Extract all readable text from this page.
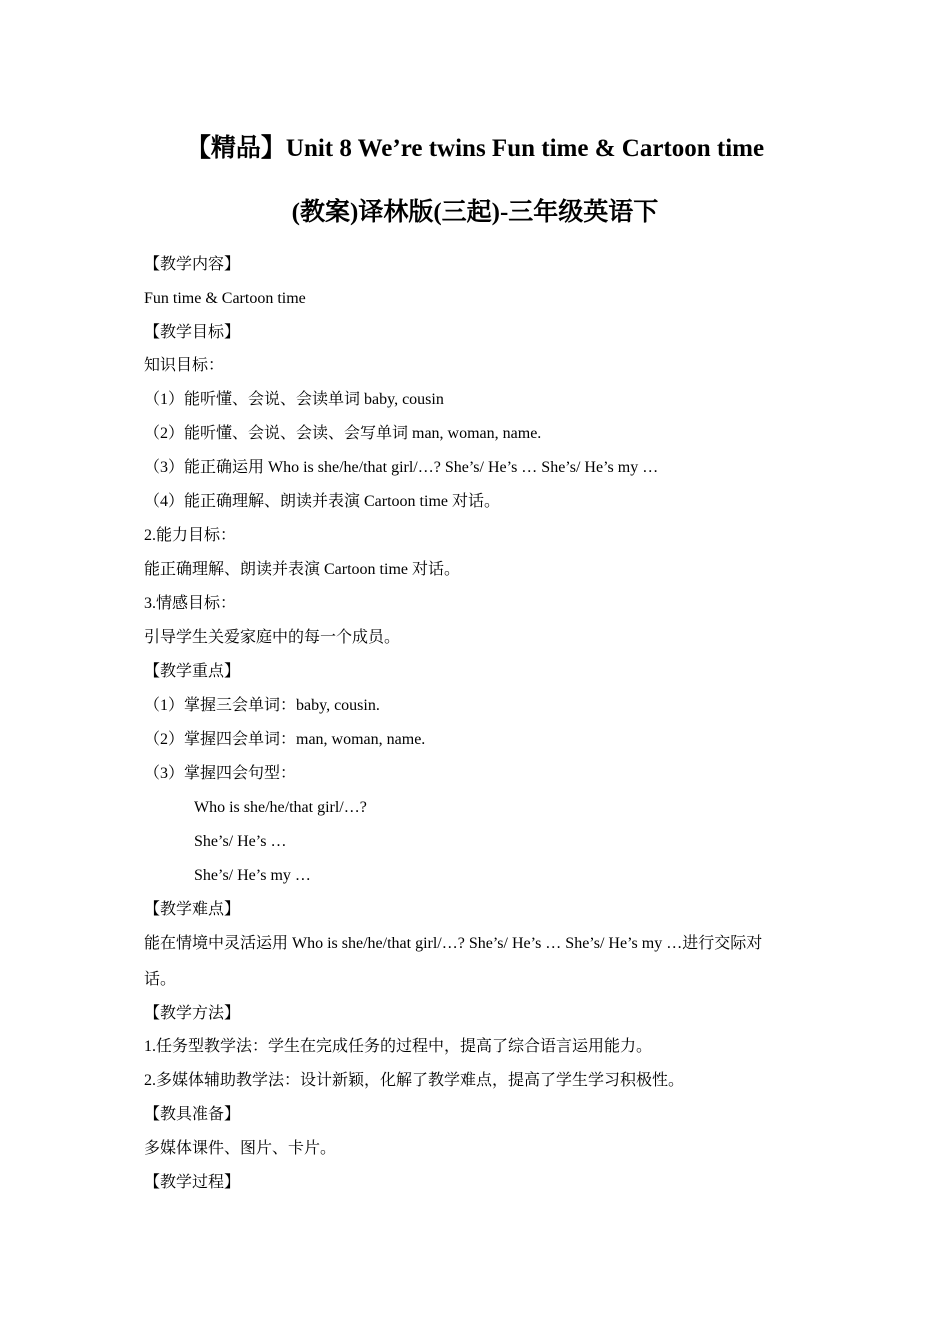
【精品】Unit 8 We’re twins Fun time & Cartoon time
(教案)译林版(三起)-三年级英语下
【教学内容】
Fun time & Cartoon time
【教学目标】
知识目标：
（1）能听懂、会说、会读单词 baby, cousin
（2）能听懂、会说、会读、会写单词 man, woman, name.
（3）能正确运用 Who is she/he/that girl/…? She’s/ He’s … She’s/ He’s my …
（4）能正确理解、朗读并表演 Cartoon time 对话。
2.能力目标：
能正确理解、朗读并表演 Cartoon time 对话。
3.情感目标：
引导学生关爱家庭中的每一个成员。
【教学重点】
（1）掌握三会单词：baby, cousin.
（2）掌握四会单词：man, woman, name.
（3）掌握四会句型：
Who is she/he/that girl/…?
She’s/ He’s …
She’s/ He’s my …
【教学难点】
能在情境中灵活运用 Who is she/he/that girl/…? She’s/ He’s … She’s/ He’s my …进行交际对
话。
【教学方法】
1.任务型教学法：学生在完成任务的过程中，提高了综合语言运用能力。
2.多媒体辅助教学法：设计新颖，化解了教学难点，提高了学生学习积极性。
【教具准备】
多媒体课件、图片、卡片。
【教学过程】
